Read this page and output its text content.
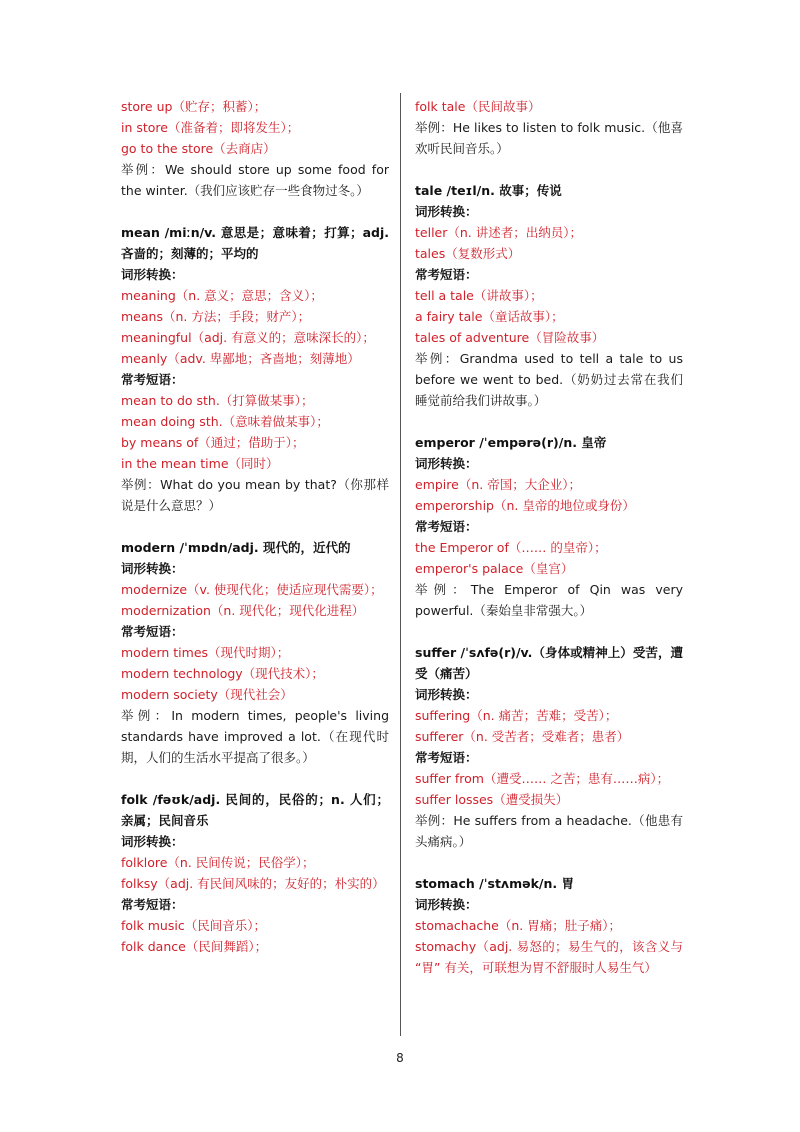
store up（贮存；积蓄）；
in store（准备着；即将发生）；
go to the store（去商店）
举例：We should store up some food for the winter.（我们应该贮存一些食物过冬。）
mean /miːn/v. 意思是；意味着；打算；adj. 吝啬的；刻薄的；平均的
词形转换：
meaning（n. 意义；意思；含义）；
means（n. 方法；手段；财产）；
meaningful（adj. 有意义的；意味深长的）；
meanly（adv. 卑鄙地；吝啬地；刻薄地）
常考短语：
mean to do sth.（打算做某事）；
mean doing sth.（意味着做某事）；
by means of（通过；借助于）；
in the mean time（同时）
举例：What do you mean by that?（你那样说是什么意思？）
modern /ˈmɒdn/adj. 现代的，近代的
词形转换：
modernize（v. 使现代化；使适应现代需要）；
modernization（n. 现代化；现代化进程）
常考短语：
modern times（现代时期）；
modern technology（现代技术）；
modern society（现代社会）
举例：In modern times, people's living standards have improved a lot.（在现代时期，人们的生活水平提高了很多。）
folk /fəʊk/adj. 民间的，民俗的；n. 人们；亲属；民间音乐
词形转换：
folklore（n. 民间传说；民俗学）；
folksy（adj. 有民间风味的；友好的；朴实的）
常考短语：
folk music（民间音乐）；
folk dance（民间舞蹈）；
folk tale（民间故事）
举例：He likes to listen to folk music.（他喜欢听民间音乐。）
tale /teɪl/n. 故事；传说
词形转换：
teller（n. 讲述者；出纳员）；
tales（复数形式）
常考短语：
tell a tale（讲故事）；
a fairy tale（童话故事）；
tales of adventure（冒险故事）
举例：Grandma used to tell a tale to us before we went to bed.（奶奶过去常在我们睡觉前给我们讲故事。）
emperor /ˈempərə(r)/n. 皇帝
词形转换：
empire（n. 帝国；大企业）；
emperorship（n. 皇帝的地位或身份）
常考短语：
the Emperor of（…… 的皇帝）；
emperor's palace（皇宫）
举例：The Emperor of Qin was very powerful.（秦始皇非常强大。）
suffer /ˈsʌfə(r)/v.（身体或精神上）受苦，遭受（痛苦）
词形转换：
suffering（n. 痛苦；苦难；受苦）；
sufferer（n. 受苦者；受难者；患者）
常考短语：
suffer from（遭受…… 之苦；患有……病）；
suffer losses（遭受损失）
举例：He suffers from a headache.（他患有头痛病。）
stomach /ˈstʌmək/n. 胃
词形转换：
stomachache（n. 胃痛；肚子痛）；
stomachy（adj. 易怒的；易生气的，该含义与 “胃” 有关，可联想为胃不舒服时人易生气）
8
